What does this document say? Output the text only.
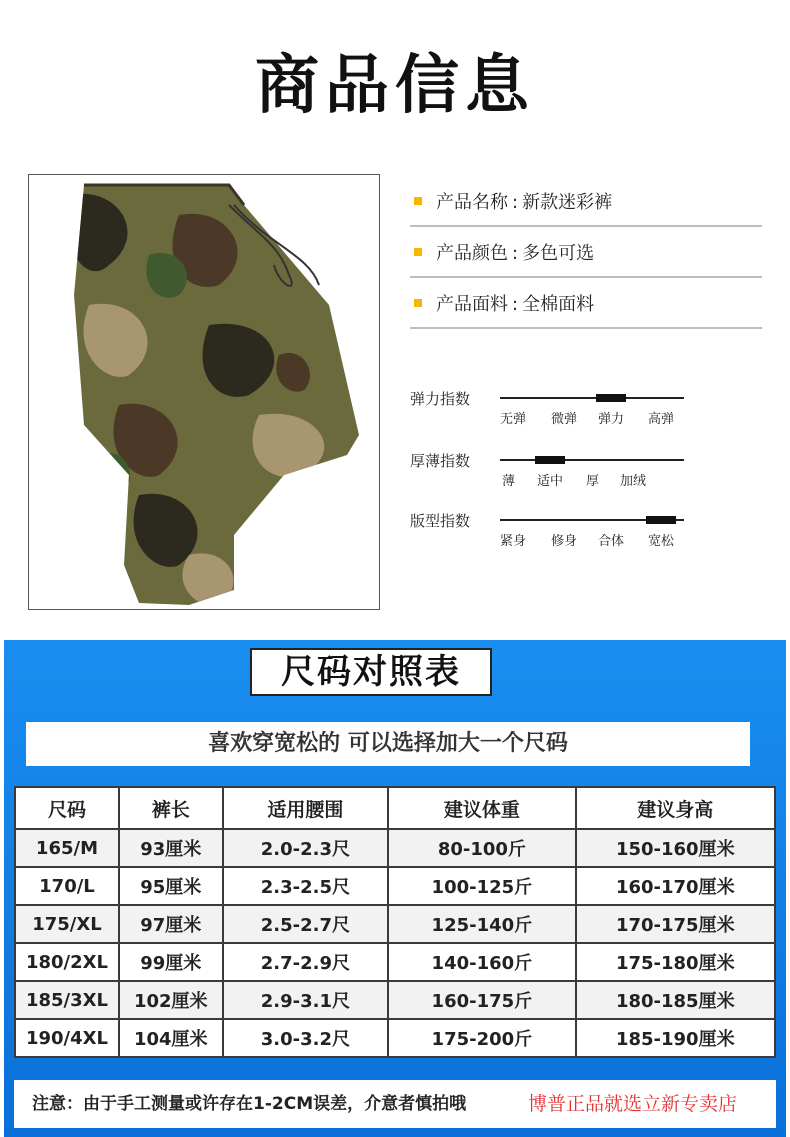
商品信息
产品名称 : 新款迷彩裤
产品颜色 : 多色可选
产品面料 : 全棉面料
弹力指数
无弹 微弹 弹力 高弹
厚薄指数
薄 适中 厚 加绒
版型指数
紧身 修身 合体 宽松
尺码对照表
喜欢穿宽松的 可以选择加大一个尺码
尺码	裤长	适用腰围	建议体重	建议身高
165/M	93厘米	2.0-2.3尺	80-100斤	150-160厘米
170/L	95厘米	2.3-2.5尺	100-125斤	160-170厘米
175/XL	97厘米	2.5-2.7尺	125-140斤	170-175厘米
180/2XL	99厘米	2.7-2.9尺	140-160斤	175-180厘米
185/3XL	102厘米	2.9-3.1尺	160-175斤	180-185厘米
190/4XL	104厘米	3.0-3.2尺	175-200斤	185-190厘米
注意：由于手工测量或许存在1-2CM误差，介意者慎拍哦	博普正品就选立新专卖店
